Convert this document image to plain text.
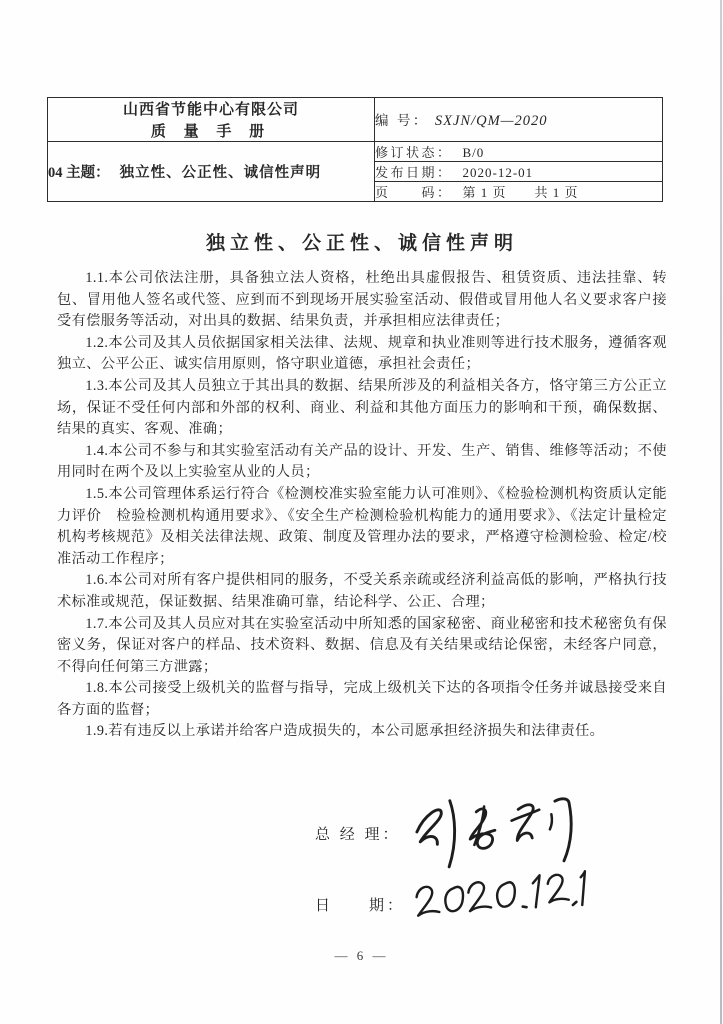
山西省节能中心有限公司
质 量 手 册	编 号： SXJN/QM—2020
04 主题： 独立性、公正性、诚信性声明	修订状态： B/0
	发布日期： 2020-12-01
	页　　码： 第 1 页　　共 1 页
独立性、公正性、诚信性声明

1.1.本公司依法注册，具备独立法人资格，杜绝出具虚假报告、租赁资质、违法挂靠、转包、冒用他人签名或代签、应到而不到现场开展实验室活动、假借或冒用他人名义要求客户接受有偿服务等活动，对出具的数据、结果负责，并承担相应法律责任；

1.2.本公司及其人员依据国家相关法律、法规、规章和执业准则等进行技术服务，遵循客观独立、公平公正、诚实信用原则，恪守职业道德，承担社会责任；

1.3.本公司及其人员独立于其出具的数据、结果所涉及的利益相关各方，恪守第三方公正立场，保证不受任何内部和外部的权利、商业、利益和其他方面压力的影响和干预，确保数据、结果的真实、客观、准确；

1.4.本公司不参与和其实验室活动有关产品的设计、开发、生产、销售、维修等活动；不使用同时在两个及以上实验室从业的人员；

1.5.本公司管理体系运行符合《检测校准实验室能力认可准则》、《检验检测机构资质认定能力评价　检验检测机构通用要求》、《安全生产检测检验机构能力的通用要求》、《法定计量检定机构考核规范》及相关法律法规、政策、制度及管理办法的要求，严格遵守检测检验、检定/校准活动工作程序；

1.6.本公司对所有客户提供相同的服务，不受关系亲疏或经济利益高低的影响，严格执行技术标准或规范，保证数据、结果准确可靠，结论科学、公正、合理；

1.7.本公司及其人员应对其在实验室活动中所知悉的国家秘密、商业秘密和技术秘密负有保密义务，保证对客户的样品、技术资料、数据、信息及有关结果或结论保密，未经客户同意，不得向任何第三方泄露；

1.8.本公司接受上级机关的监督与指导，完成上级机关下达的各项指令任务并诚恳接受来自各方面的监督；

1.9.若有违反以上承诺并给客户造成损失的，本公司愿承担经济损失和法律责任。

总 经 理：
日　　期：
— 6 —
